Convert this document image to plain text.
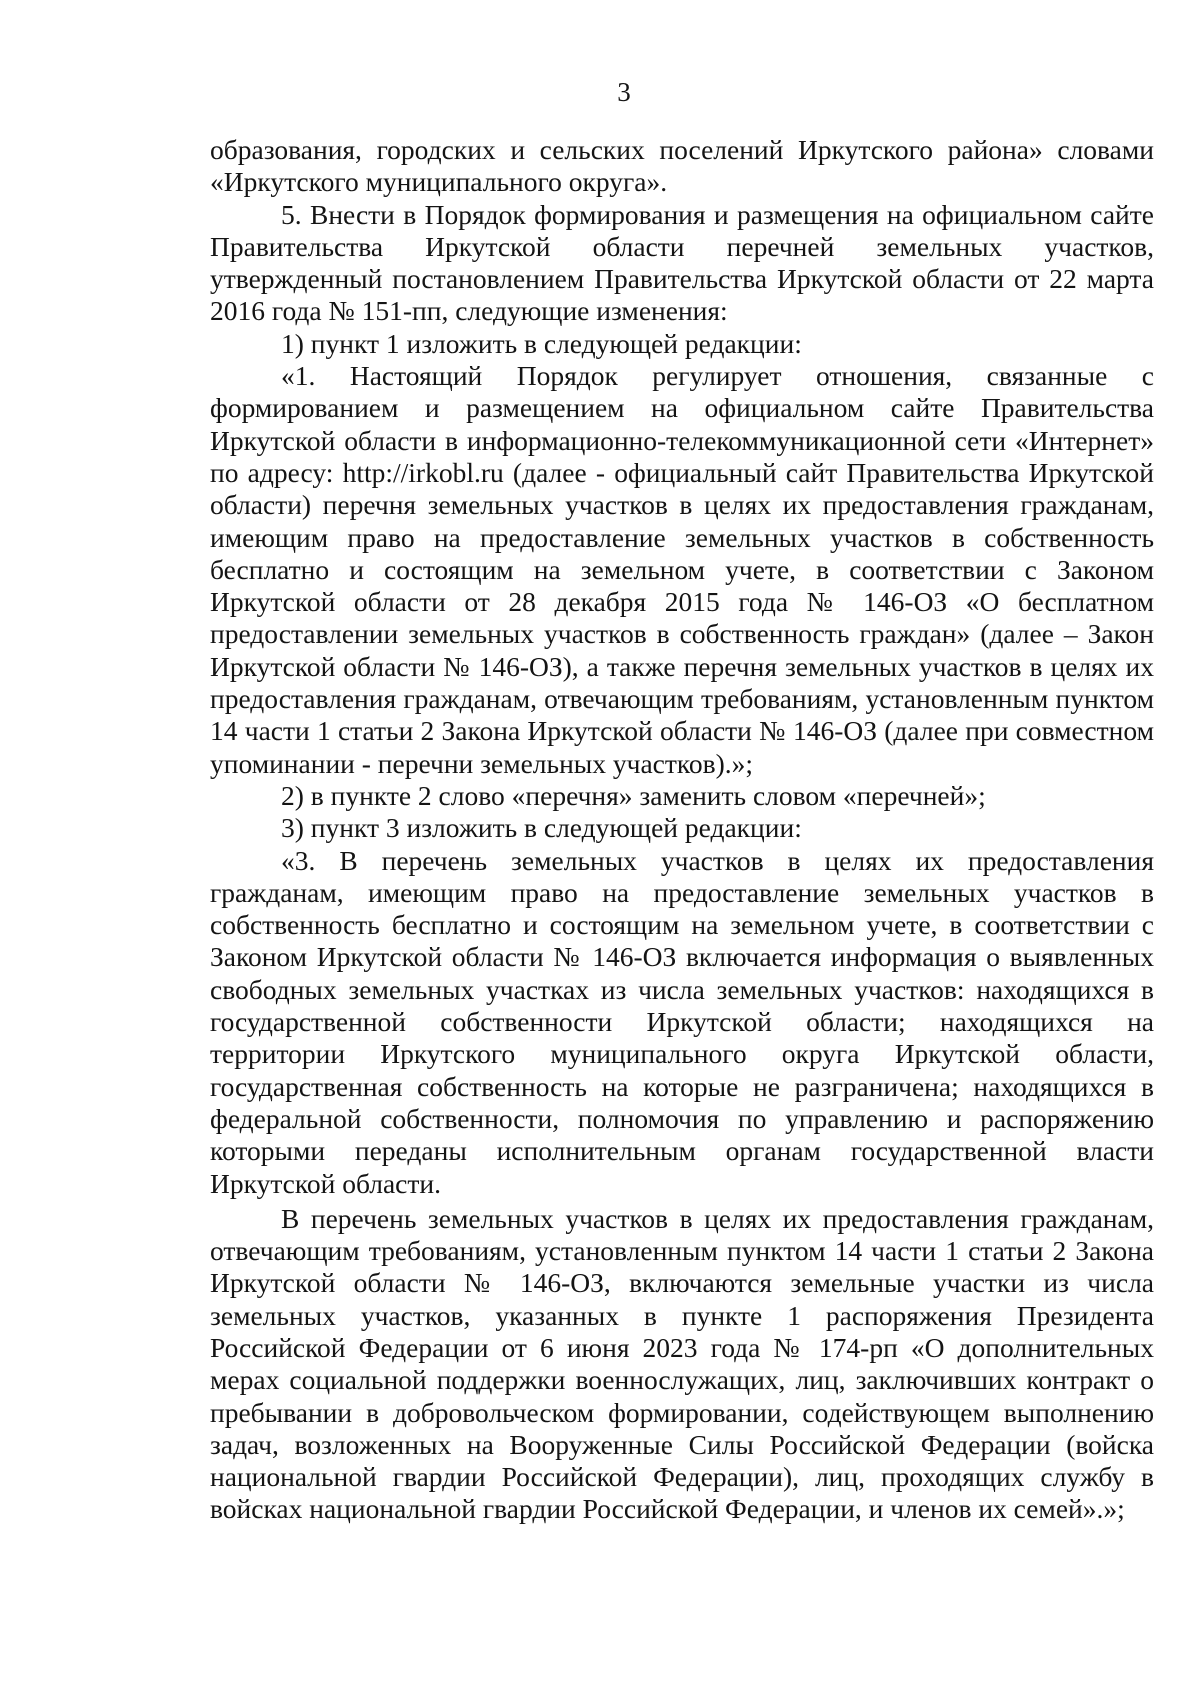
3

образования, городских и сельских поселений Иркутского района» словами «Иркутского муниципального округа».

5. Внести в Порядок формирования и размещения на официальном сайте Правительства Иркутской области перечней земельных участков, утвержденный постановлением Правительства Иркутской области от 22 марта 2016 года № 151-пп, следующие изменения:

1) пункт 1 изложить в следующей редакции:

«1. Настоящий Порядок регулирует отношения, связанные с формированием и размещением на официальном сайте Правительства Иркутской области в информационно-телекоммуникационной сети «Интернет» по адресу: http://irkobl.ru (далее - официальный сайт Правительства Иркутской области) перечня земельных участков в целях их предоставления гражданам, имеющим право на предоставление земельных участков в собственность бесплатно и состоящим на земельном учете, в соответствии с Законом Иркутской области от 28 декабря 2015 года № 146-ОЗ «О бесплатном предоставлении земельных участков в собственность граждан» (далее – Закон Иркутской области № 146-ОЗ), а также перечня земельных участков в целях их предоставления гражданам, отвечающим требованиям, установленным пунктом 14 части 1 статьи 2 Закона Иркутской области № 146-ОЗ (далее при совместном упоминании - перечни земельных участков).»;

2) в пункте 2 слово «перечня» заменить словом «перечней»;

3) пункт 3 изложить в следующей редакции:

«3. В перечень земельных участков в целях их предоставления гражданам, имеющим право на предоставление земельных участков в собственность бесплатно и состоящим на земельном учете, в соответствии с Законом Иркутской области № 146-ОЗ включается информация о выявленных свободных земельных участках из числа земельных участков: находящихся в государственной собственности Иркутской области; находящихся на территории Иркутского муниципального округа Иркутской области, государственная собственность на которые не разграничена; находящихся в федеральной собственности, полномочия по управлению и распоряжению которыми переданы исполнительным органам государственной власти Иркутской области.

В перечень земельных участков в целях их предоставления гражданам, отвечающим требованиям, установленным пунктом 14 части 1 статьи 2 Закона Иркутской области № 146-ОЗ, включаются земельные участки из числа земельных участков, указанных в пункте 1 распоряжения Президента Российской Федерации от 6 июня 2023 года № 174-рп «О дополнительных мерах социальной поддержки военнослужащих, лиц, заключивших контракт о пребывании в добровольческом формировании, содействующем выполнению задач, возложенных на Вооруженные Силы Российской Федерации (войска национальной гвардии Российской Федерации), лиц, проходящих службу в войсках национальной гвардии Российской Федерации, и членов их семей».»;
